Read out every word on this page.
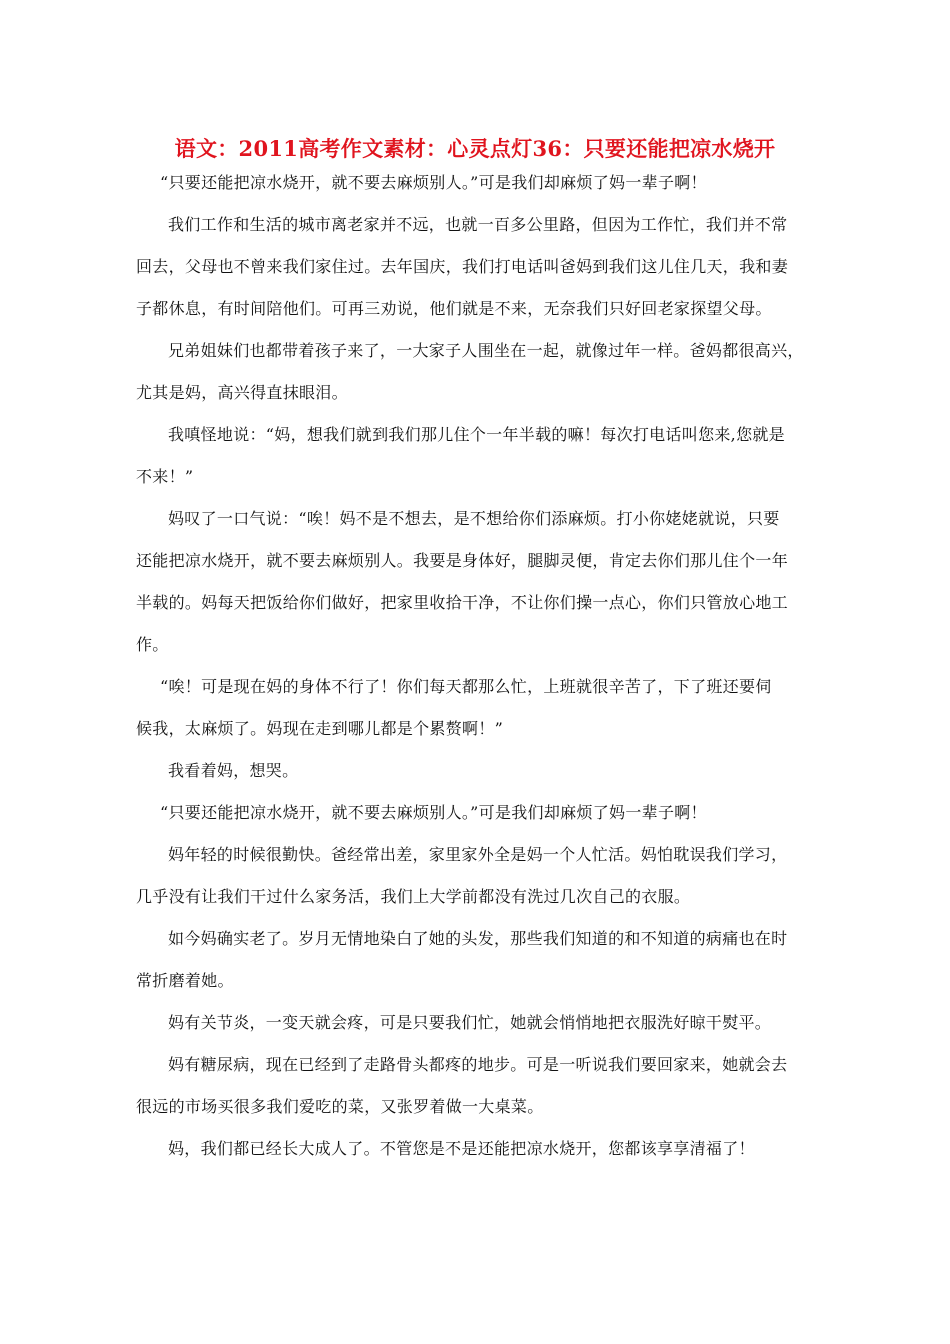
语文：2011高考作文素材：心灵点灯36：只要还能把凉水烧开
“只要还能把凉水烧开，就不要去麻烦别人。”可是我们却麻烦了妈一辈子啊！
我们工作和生活的城市离老家并不远，也就一百多公里路，但因为工作忙，我们并不常
回去，父母也不曾来我们家住过。去年国庆，我们打电话叫爸妈到我们这儿住几天，我和妻
子都休息，有时间陪他们。可再三劝说，他们就是不来，无奈我们只好回老家探望父母。
兄弟姐妹们也都带着孩子来了，一大家子人围坐在一起，就像过年一样。爸妈都很高兴，
尤其是妈，高兴得直抹眼泪。
我嗔怪地说：“妈，想我们就到我们那儿住个一年半载的嘛！每次打电话叫您来,您就是
不来！”
妈叹了一口气说：“唉！妈不是不想去，是不想给你们添麻烦。打小你姥姥就说，只要
还能把凉水烧开，就不要去麻烦别人。我要是身体好，腿脚灵便，肯定去你们那儿住个一年
半载的。妈每天把饭给你们做好，把家里收拾干净，不让你们操一点心，你们只管放心地工
作。
“唉！可是现在妈的身体不行了！你们每天都那么忙，上班就很辛苦了，下了班还要伺
候我，太麻烦了。妈现在走到哪儿都是个累赘啊！”
我看着妈，想哭。
“只要还能把凉水烧开，就不要去麻烦别人。”可是我们却麻烦了妈一辈子啊！
妈年轻的时候很勤快。爸经常出差，家里家外全是妈一个人忙活。妈怕耽误我们学习，
几乎没有让我们干过什么家务活，我们上大学前都没有洗过几次自己的衣服。
如今妈确实老了。岁月无情地染白了她的头发，那些我们知道的和不知道的病痛也在时
常折磨着她。
妈有关节炎，一变天就会疼，可是只要我们忙，她就会悄悄地把衣服洗好晾干熨平。
妈有糖尿病，现在已经到了走路骨头都疼的地步。可是一听说我们要回家来，她就会去
很远的市场买很多我们爱吃的菜，又张罗着做一大桌菜。
妈，我们都已经长大成人了。不管您是不是还能把凉水烧开，您都该享享清福了！
